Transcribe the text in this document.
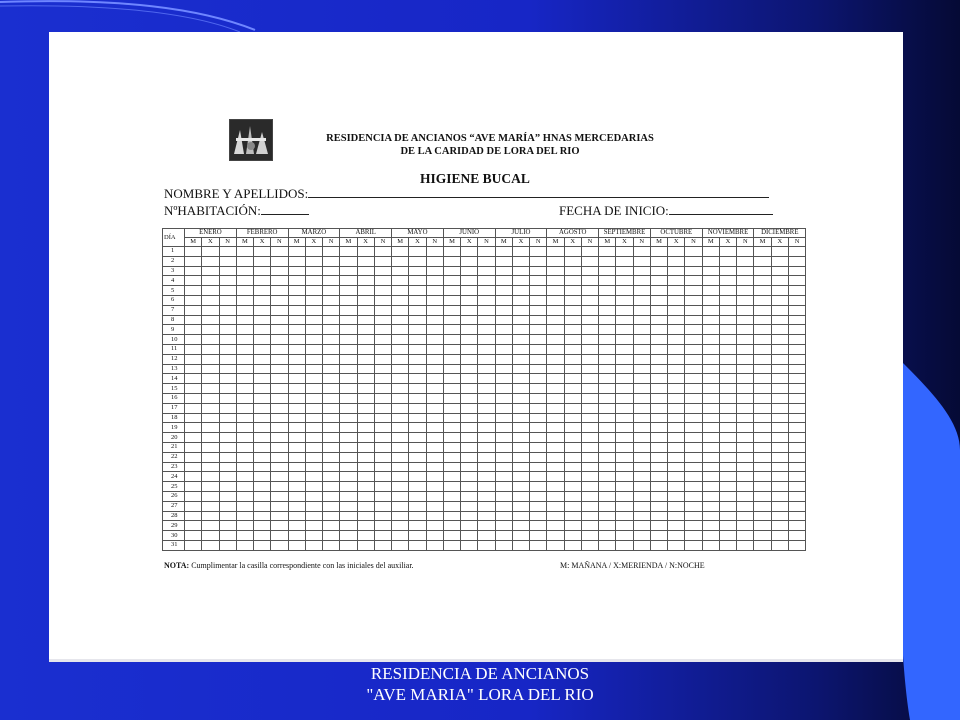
RESIDENCIA DE ANCIANOS “AVE MARÍA” HNAS MERCEDARIAS
DE LA CARIDAD DE LORA DEL RIO
HIGIENE BUCAL
NOMBRE Y APELLIDOS:
NºHABITACIÓN:	FECHA DE INICIO:
DÍA	ENERO			FEBRERO			MARZO			ABRIL			MAYO			JUNIO			JULIO			AGOSTO			SEPTIEMBRE			OCTUBRE			NOVIEMBRE			DICIEMBRE		
	M	X	N	M	X	N	M	X	N	M	X	N	M	X	N	M	X	N	M	X	N	M	X	N	M	X	N	M	X	N	M	X	N	M	X	N
1																																				
2																																				
3																																				
4																																				
5																																				
6																																				
7																																				
8																																				
9																																				
10																																				
11																																				
12																																				
13																																				
14																																				
15																																				
16																																				
17																																				
18																																				
19																																				
20																																				
21																																				
22																																				
23																																				
24																																				
25																																				
26																																				
27																																				
28																																				
29																																				
30																																				
31																																				
NOTA: Cumplimentar la casilla correspondiente con las iniciales del auxiliar.	M: MAÑANA / X:MERIENDA / N:NOCHE
RESIDENCIA DE ANCIANOS
"AVE MARIA" LORA DEL RIO
